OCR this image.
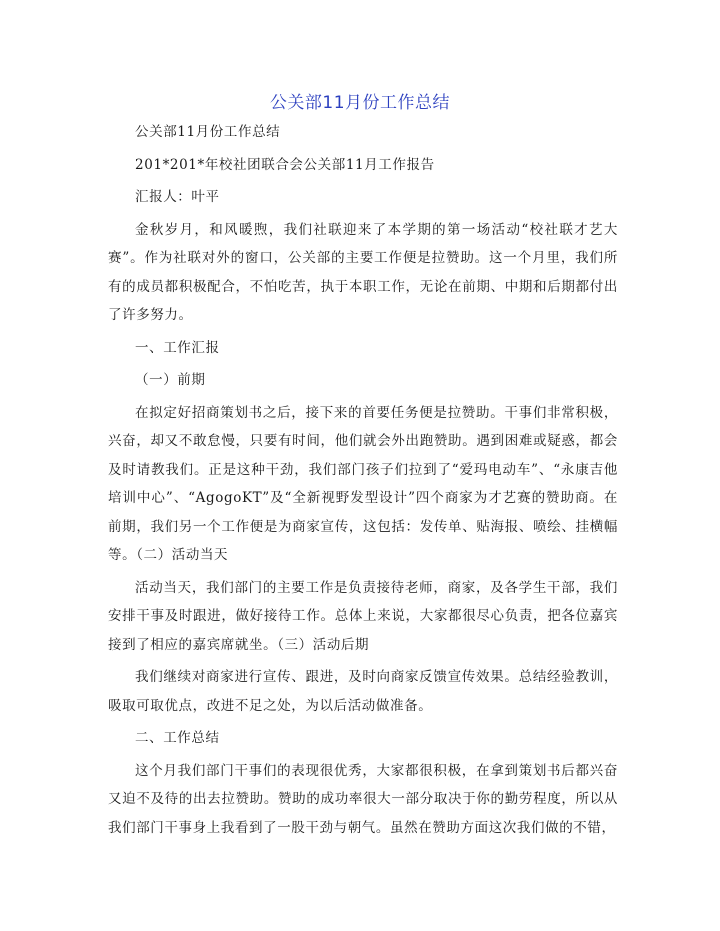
公关部11月份工作总结

公关部11月份工作总结

201*201*年校社团联合会公关部11月工作报告

汇报人：叶平

金秋岁月，和风暖煦，我们社联迎来了本学期的第一场活动“校社联才艺大赛”。作为社联对外的窗口，公关部的主要工作便是拉赞助。这一个月里，我们所有的成员都积极配合，不怕吃苦，执于本职工作，无论在前期、中期和后期都付出了许多努力。

一、工作汇报

（一）前期

在拟定好招商策划书之后，接下来的首要任务便是拉赞助。干事们非常积极，兴奋，却又不敢怠慢，只要有时间，他们就会外出跑赞助。遇到困难或疑惑，都会及时请教我们。正是这种干劲，我们部门孩子们拉到了“爱玛电动车”、“永康吉他培训中心”、“AgogoKT”及“全新视野发型设计”四个商家为才艺赛的赞助商。在前期，我们另一个工作便是为商家宣传，这包括：发传单、贴海报、喷绘、挂横幅等。（二）活动当天

活动当天，我们部门的主要工作是负责接待老师，商家，及各学生干部，我们安排干事及时跟进，做好接待工作。总体上来说，大家都很尽心负责，把各位嘉宾接到了相应的嘉宾席就坐。（三）活动后期

我们继续对商家进行宣传、跟进，及时向商家反馈宣传效果。总结经验教训，吸取可取优点，改进不足之处，为以后活动做准备。

二、工作总结

这个月我们部门干事们的表现很优秀，大家都很积极，在拿到策划书后都兴奋又迫不及待的出去拉赞助。赞助的成功率很大一部分取决于你的勤劳程度，所以从我们部门干事身上我看到了一股干劲与朝气。虽然在赞助方面这次我们做的不错，
